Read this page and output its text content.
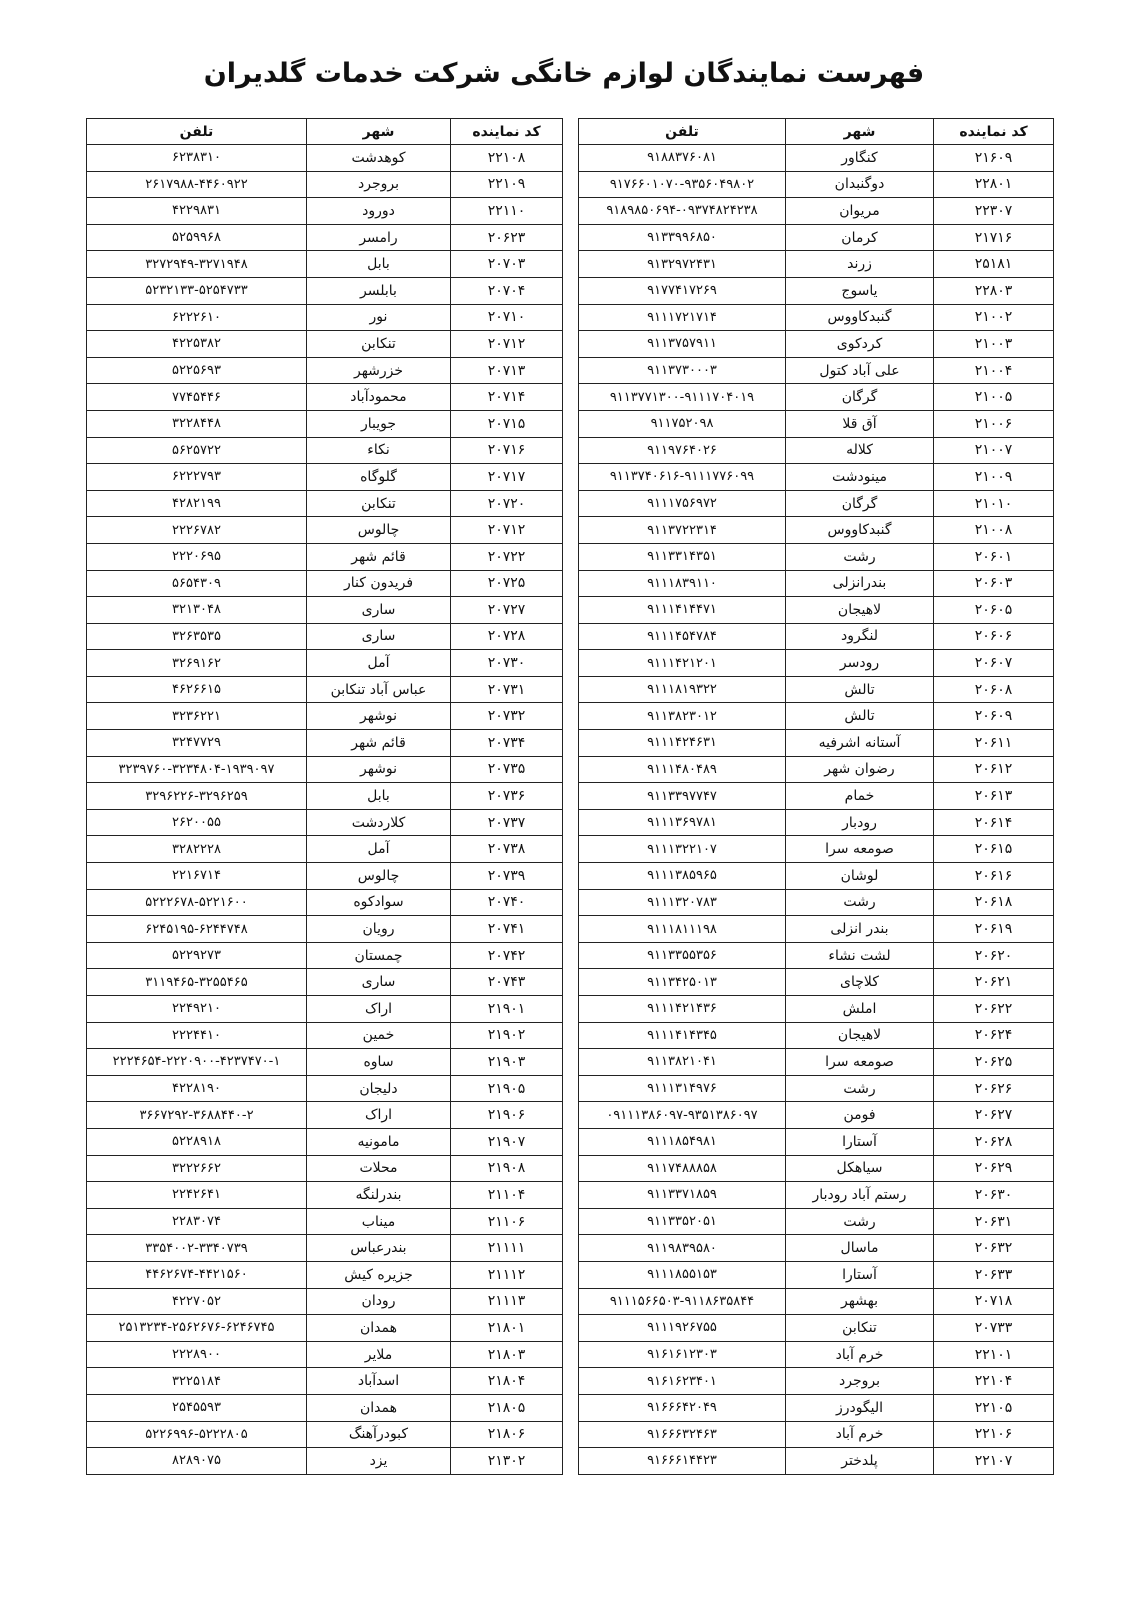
فهرست نمایندگان لوازم خانگی شرکت خدمات گلدیران
کد نماینده	شهر	تلفن
۲۱۶۰۹	کنگاور	۹۱۸۸۳۷۶۰۸۱
۲۲۸۰۱	دوگنبدان	۹۱۷۶۶۰۱۰۷۰-۹۳۵۶۰۴۹۸۰۲
۲۲۳۰۷	مریوان	۹۱۸۹۸۵۰۶۹۴-۰۹۳۷۴۸۲۴۲۳۸
۲۱۷۱۶	کرمان	۹۱۳۳۹۹۶۸۵۰
۲۵۱۸۱	زرند	۹۱۳۲۹۷۲۴۳۱
۲۲۸۰۳	یاسوج	۹۱۷۷۴۱۷۲۶۹
۲۱۰۰۲	گنبدکاووس	۹۱۱۱۷۲۱۷۱۴
۲۱۰۰۳	کردکوی	۹۱۱۳۷۵۷۹۱۱
۲۱۰۰۴	علی آباد کتول	۹۱۱۳۷۳۰۰۰۳
۲۱۰۰۵	گرگان	۹۱۱۳۷۷۱۳۰۰-۹۱۱۱۷۰۴۰۱۹
۲۱۰۰۶	آق قلا	۹۱۱۷۵۲۰۹۸
۲۱۰۰۷	کلاله	۹۱۱۹۷۶۴۰۲۶
۲۱۰۰۹	مینودشت	۹۱۱۳۷۴۰۶۱۶-۹۱۱۱۷۷۶۰۹۹
۲۱۰۱۰	گرگان	۹۱۱۱۷۵۶۹۷۲
۲۱۰۰۸	گنبدکاووس	۹۱۱۳۷۲۲۳۱۴
۲۰۶۰۱	رشت	۹۱۱۳۳۱۴۳۵۱
۲۰۶۰۳	بندرانزلی	۹۱۱۱۸۳۹۱۱۰
۲۰۶۰۵	لاهیجان	۹۱۱۱۴۱۴۴۷۱
۲۰۶۰۶	لنگرود	۹۱۱۱۴۵۴۷۸۴
۲۰۶۰۷	رودسر	۹۱۱۱۴۲۱۲۰۱
۲۰۶۰۸	تالش	۹۱۱۱۸۱۹۳۲۲
۲۰۶۰۹	تالش	۹۱۱۳۸۲۳۰۱۲
۲۰۶۱۱	آستانه اشرفیه	۹۱۱۱۴۲۴۶۳۱
۲۰۶۱۲	رضوان شهر	۹۱۱۱۴۸۰۴۸۹
۲۰۶۱۳	خمام	۹۱۱۳۳۹۷۷۴۷
۲۰۶۱۴	رودبار	۹۱۱۱۳۶۹۷۸۱
۲۰۶۱۵	صومعه سرا	۹۱۱۱۳۲۲۱۰۷
۲۰۶۱۶	لوشان	۹۱۱۱۳۸۵۹۶۵
۲۰۶۱۸	رشت	۹۱۱۱۳۲۰۷۸۳
۲۰۶۱۹	بندر انزلی	۹۱۱۱۸۱۱۱۹۸
۲۰۶۲۰	لشت نشاء	۹۱۱۳۳۵۵۳۵۶
۲۰۶۲۱	کلاچای	۹۱۱۳۴۲۵۰۱۳
۲۰۶۲۲	املش	۹۱۱۱۴۲۱۴۳۶
۲۰۶۲۴	لاهیجان	۹۱۱۱۴۱۴۳۴۵
۲۰۶۲۵	صومعه سرا	۹۱۱۳۸۲۱۰۴۱
۲۰۶۲۶	رشت	۹۱۱۱۳۱۴۹۷۶
۲۰۶۲۷	فومن	۰۹۱۱۱۳۸۶۰۹۷-۹۳۵۱۳۸۶۰۹۷
۲۰۶۲۸	آستارا	۹۱۱۱۸۵۴۹۸۱
۲۰۶۲۹	سیاهکل	۹۱۱۷۴۸۸۸۵۸
۲۰۶۳۰	رستم آباد رودبار	۹۱۱۳۳۷۱۸۵۹
۲۰۶۳۱	رشت	۹۱۱۳۳۵۲۰۵۱
۲۰۶۳۲	ماسال	۹۱۱۹۸۳۹۵۸۰
۲۰۶۳۳	آستارا	۹۱۱۱۸۵۵۱۵۳
۲۰۷۱۸	بهشهر	۹۱۱۱۵۶۶۵۰۳-۹۱۱۸۶۳۵۸۴۴
۲۰۷۳۳	تنکابن	۹۱۱۱۹۲۶۷۵۵
۲۲۱۰۱	خرم آباد	۹۱۶۱۶۱۲۳۰۳
۲۲۱۰۴	بروجرد	۹۱۶۱۶۲۳۴۰۱
۲۲۱۰۵	الیگودرز	۹۱۶۶۶۴۲۰۴۹
۲۲۱۰۶	خرم آباد	۹۱۶۶۶۳۲۴۶۳
۲۲۱۰۷	پلدختر	۹۱۶۶۶۱۴۴۲۳
کد نماینده	شهر	تلفن
۲۲۱۰۸	کوهدشت	۶۲۳۸۳۱۰
۲۲۱۰۹	بروجرد	۲۶۱۷۹۸۸-۴۴۶۰۹۲۲
۲۲۱۱۰	دورود	۴۲۲۹۸۳۱
۲۰۶۲۳	رامسر	۵۲۵۹۹۶۸
۲۰۷۰۳	بابل	۳۲۷۲۹۴۹-۳۲۷۱۹۴۸
۲۰۷۰۴	بابلسر	۵۲۳۲۱۳۳-۵۲۵۴۷۳۳
۲۰۷۱۰	نور	۶۲۲۲۶۱۰
۲۰۷۱۲	تنکابن	۴۲۲۵۳۸۲
۲۰۷۱۳	خزرشهر	۵۲۲۵۶۹۳
۲۰۷۱۴	محمودآباد	۷۷۴۵۴۴۶
۲۰۷۱۵	جویبار	۳۲۲۸۴۴۸
۲۰۷۱۶	نکاء	۵۶۲۵۷۲۲
۲۰۷۱۷	گلوگاه	۶۲۲۲۷۹۳
۲۰۷۲۰	تنکابن	۴۲۸۲۱۹۹
۲۰۷۱۲	چالوس	۲۲۲۶۷۸۲
۲۰۷۲۲	قائم شهر	۲۲۲۰۶۹۵
۲۰۷۲۵	فریدون کنار	۵۶۵۴۳۰۹
۲۰۷۲۷	ساری	۳۲۱۳۰۴۸
۲۰۷۲۸	ساری	۳۲۶۳۵۳۵
۲۰۷۳۰	آمل	۳۲۶۹۱۶۲
۲۰۷۳۱	عباس آباد تنکابن	۴۶۲۶۶۱۵
۲۰۷۳۲	نوشهر	۳۲۳۶۲۲۱
۲۰۷۳۴	قائم شهر	۳۲۴۷۷۲۹
۲۰۷۳۵	نوشهر	۳۲۳۹۷۶۰-۳۲۳۴۸۰۴-۱۹۳۹۰۹۷
۲۰۷۳۶	بابل	۳۲۹۶۲۲۶-۳۲۹۶۲۵۹
۲۰۷۳۷	کلاردشت	۲۶۲۰۰۵۵
۲۰۷۳۸	آمل	۳۲۸۲۲۲۸
۲۰۷۳۹	چالوس	۲۲۱۶۷۱۴
۲۰۷۴۰	سوادکوه	۵۲۲۲۶۷۸-۵۲۲۱۶۰۰
۲۰۷۴۱	رویان	۶۲۴۵۱۹۵-۶۲۴۴۷۴۸
۲۰۷۴۲	چمستان	۵۲۲۹۲۷۳
۲۰۷۴۳	ساری	۳۱۱۹۴۶۵-۳۲۵۵۴۶۵
۲۱۹۰۱	اراک	۲۲۴۹۲۱۰
۲۱۹۰۲	خمین	۲۲۲۴۴۱۰
۲۱۹۰۳	ساوه	۲۲۲۴۶۵۴-۲۲۲۰۹۰۰-۴۲۳۷۴۷۰-۱
۲۱۹۰۵	دلیجان	۴۲۲۸۱۹۰
۲۱۹۰۶	اراک	۳۶۶۷۲۹۲-۳۶۸۸۴۴۰-۲
۲۱۹۰۷	مامونیه	۵۲۲۸۹۱۸
۲۱۹۰۸	محلات	۳۲۲۲۶۶۲
۲۱۱۰۴	بندرلنگه	۲۲۴۲۶۴۱
۲۱۱۰۶	میناب	۲۲۸۳۰۷۴
۲۱۱۱۱	بندرعباس	۳۳۵۴۰۰۲-۳۳۴۰۷۳۹
۲۱۱۱۲	جزیره کیش	۴۴۶۲۶۷۴-۴۴۲۱۵۶۰
۲۱۱۱۳	رودان	۴۲۲۷۰۵۲
۲۱۸۰۱	همدان	۲۵۱۳۲۳۴-۲۵۶۲۶۷۶-۶۲۴۶۷۴۵
۲۱۸۰۳	ملایر	۲۲۲۸۹۰۰
۲۱۸۰۴	اسدآباد	۳۲۲۵۱۸۴
۲۱۸۰۵	همدان	۲۵۴۵۵۹۳
۲۱۸۰۶	کبودرآهنگ	۵۲۲۶۹۹۶-۵۲۲۲۸۰۵
۲۱۳۰۲	یزد	۸۲۸۹۰۷۵
